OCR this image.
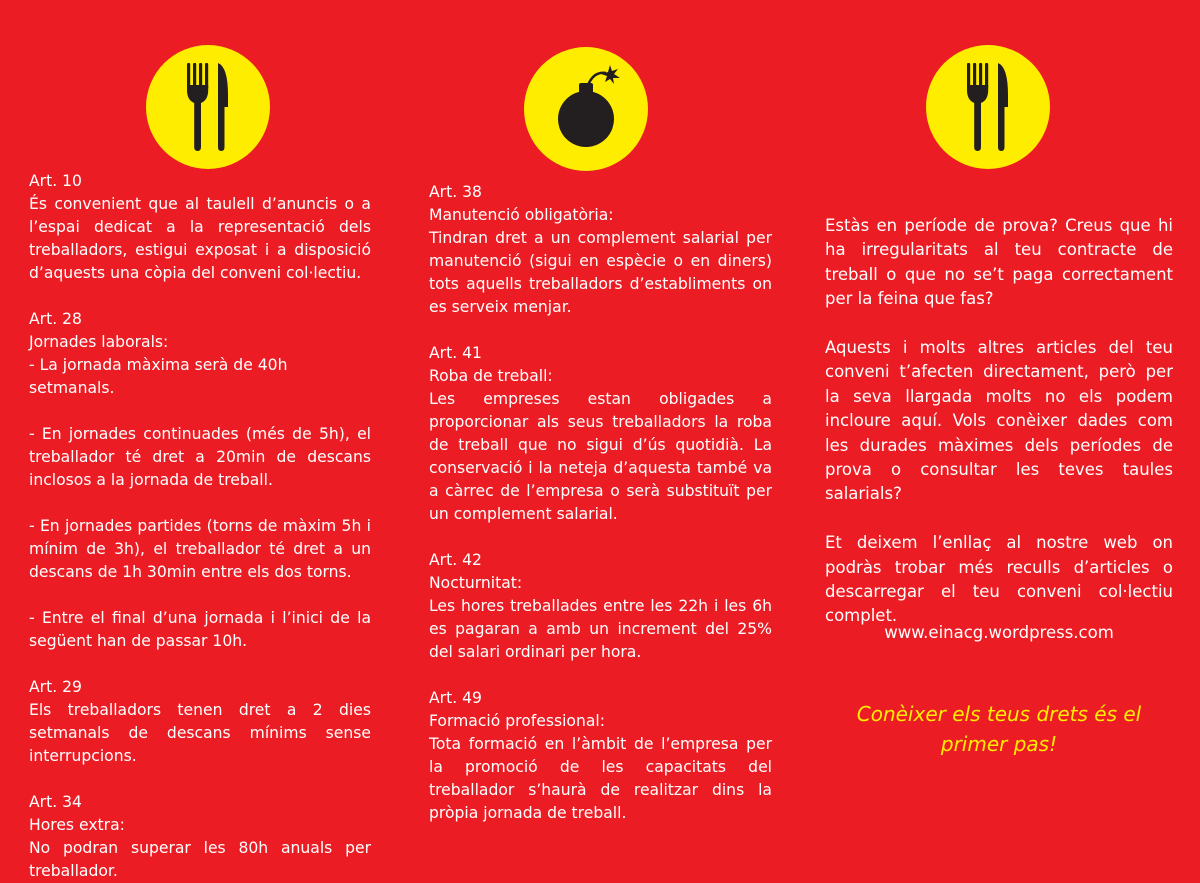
Art. 10
És convenient que al taulell d’anuncis o a l’espai dedicat a la representació dels treballadors, estigui exposat i a disposició d’aquests una còpia del conveni col·lectiu.

Art. 28
Jornades laborals:
- La jornada màxima serà de 40h setmanals.

- En jornades continuades (més de 5h), el treballador té dret a 20min de descans inclosos a la jornada de treball.

- En jornades partides (torns de màxim 5h i mínim de 3h), el treballador té dret a un descans de 1h 30min entre els dos torns.

- Entre el final d’una jornada i l’inici de la següent han de passar 10h.

Art. 29
Els treballadors tenen dret a 2 dies setmanals de descans mínims sense interrupcions.

Art. 34
Hores extra:
No podran superar les 80h anuals per treballador.

Art. 38
Manutenció obligatòria:
Tindran dret a un complement salarial per manutenció (sigui en espècie o en diners) tots aquells treballadors d’establiments on es serveix menjar.

Art. 41
Roba de treball:
Les empreses estan obligades a proporcionar als seus treballadors la roba de treball que no sigui d’ús quotidià. La conservació i la neteja d’aquesta també va a càrrec de l’empresa o serà substituït per un complement salarial.

Art. 42
Nocturnitat:
Les hores treballades entre les 22h i les 6h es pagaran a amb un increment del 25% del salari ordinari per hora.

Art. 49
Formació professional:
Tota formació en l’àmbit de l’empresa per la promoció de les capacitats del treballador s’haurà de realitzar dins la pròpia jornada de treball.

Estàs en període de prova? Creus que hi ha irregularitats al teu contracte de treball o que no se’t paga correctament per la feina que fas?

Aquests i molts altres articles del teu conveni t’afecten directament, però per la seva llargada molts no els podem incloure aquí. Vols conèixer dades com les durades màximes dels períodes de prova o consultar les teves taules salarials?

Et deixem l’enllaç al nostre web on podràs trobar més reculls d’articles o descarregar el teu conveni col·lectiu complet.

www.einacg.wordpress.com
Conèixer els teus drets és el primer pas!
